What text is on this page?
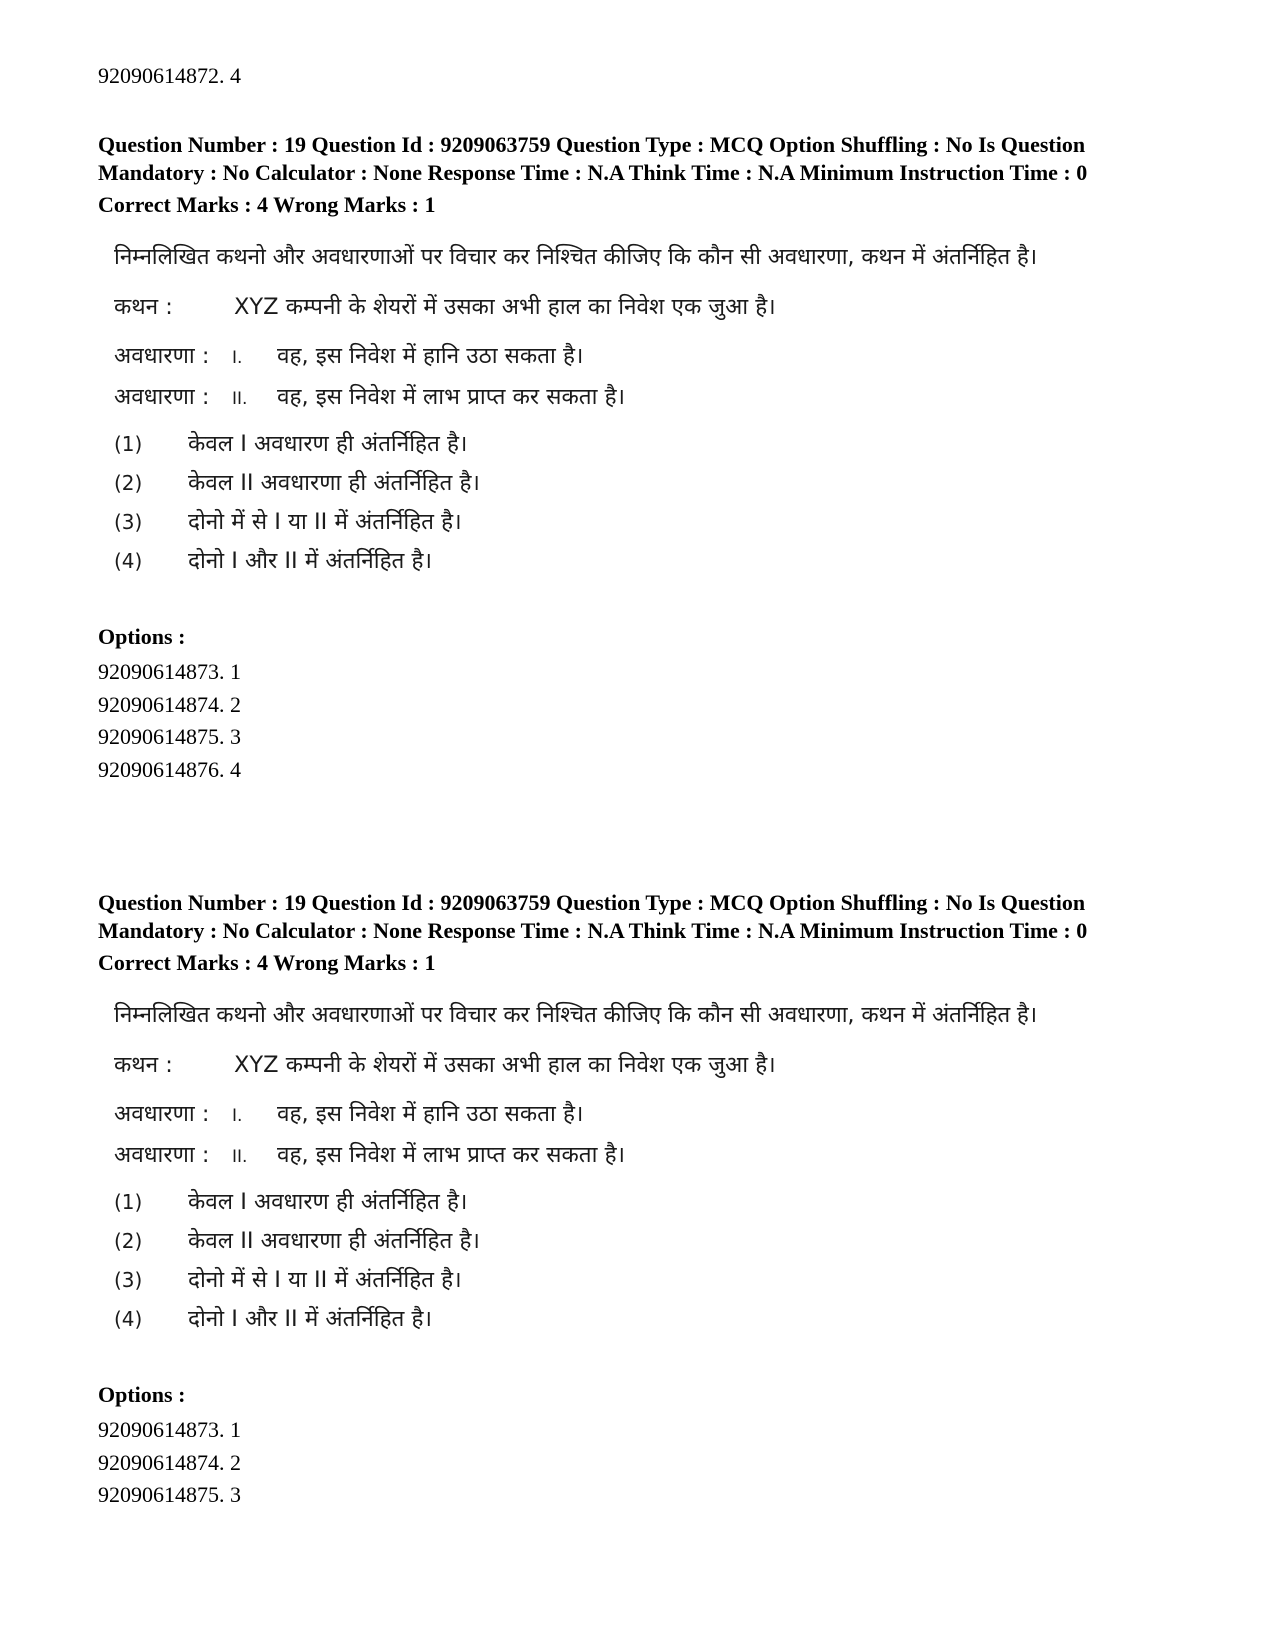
92090614872. 4
Question Number : 19 Question Id : 9209063759 Question Type : MCQ Option Shuffling : No Is Question Mandatory : No Calculator : None Response Time : N.A Think Time : N.A Minimum Instruction Time : 0
Correct Marks : 4 Wrong Marks : 1
निम्नलिखित कथनो और अवधारणाओं पर विचार कर निश्चित कीजिए कि कौन सी अवधारणा, कथन में अंतर्निहित है।
कथन :	XYZ कम्पनी के शेयरों में उसका अभी हाल का निवेश एक जुआ है।
अवधारणा :	I.	वह, इस निवेश में हानि उठा सकता है।
अवधारणा :	II.	वह, इस निवेश में लाभ प्राप्त कर सकता है।
(1)	केवल I अवधारण ही अंतर्निहित है।
(2)	केवल II अवधारणा ही अंतर्निहित है।
(3)	दोनो में से I या II में अंतर्निहित है।
(4)	दोनो I और II में अंतर्निहित है।
Options :
92090614873. 1
92090614874. 2
92090614875. 3
92090614876. 4
Question Number : 19 Question Id : 9209063759 Question Type : MCQ Option Shuffling : No Is Question Mandatory : No Calculator : None Response Time : N.A Think Time : N.A Minimum Instruction Time : 0
Correct Marks : 4 Wrong Marks : 1
निम्नलिखित कथनो और अवधारणाओं पर विचार कर निश्चित कीजिए कि कौन सी अवधारणा, कथन में अंतर्निहित है।
कथन :	XYZ कम्पनी के शेयरों में उसका अभी हाल का निवेश एक जुआ है।
अवधारणा :	I.	वह, इस निवेश में हानि उठा सकता है।
अवधारणा :	II.	वह, इस निवेश में लाभ प्राप्त कर सकता है।
(1)	केवल I अवधारण ही अंतर्निहित है।
(2)	केवल II अवधारणा ही अंतर्निहित है।
(3)	दोनो में से I या II में अंतर्निहित है।
(4)	दोनो I और II में अंतर्निहित है।
Options :
92090614873. 1
92090614874. 2
92090614875. 3
